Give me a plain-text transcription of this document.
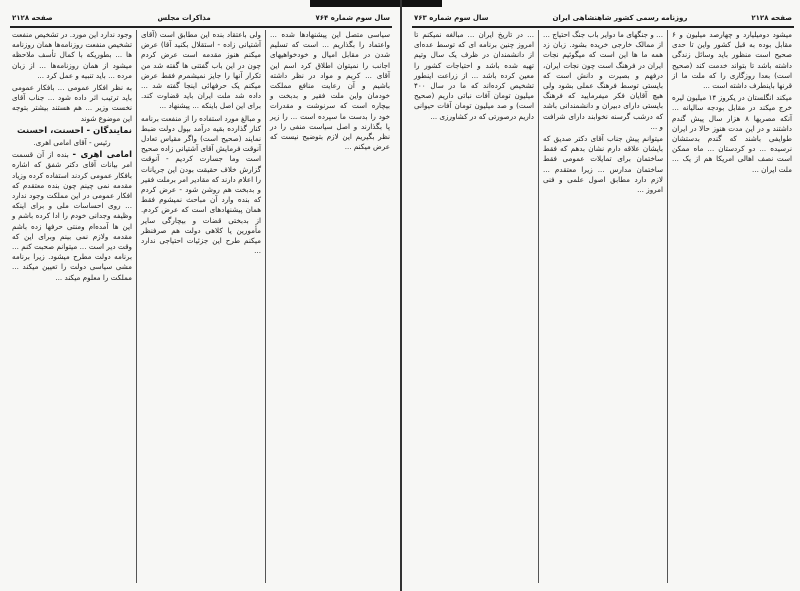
سال سوم شماره ۷۶۴
مذاکرات مجلس
صفحه ۲۱۲۸

سیاسی متصل این پیشنهادها شده ... واعتماد را بگذاریم ... است که تسلیم شدن در مقابل امیال و خودخواهیهای اجانب را نمیتوان اطلاق کرد اسم این آقای ... کریم و مواد در نظر داشته باشیم و آن رعایت منافع مملکت خودمان واین ملت فقیر و بدبخت و بیچاره است که سرنوشت و مقدرات خود را بدست ما سپرده است ... را زیر پا بگذارند و اصل سیاست منفی را در نظر بگیریم این لازم بتوضیح نیست که عرض میکنم ...

ولی باعتقاد بنده این مطابق است (آقای آشتیانی زاده - استقلال بکنید آقا) عرض میکنم هنوز مقدمه است عرض کردم چون در این باب گفتنی ها گفته شد من تکرار آنها را جایز نمیشمرم فقط عرض میکنم یک حرفهائی اینجا گفته شد ... داده شد ملت ایران باید قضاوت کند. برای این اصل باینکه ... پیشنهاد ...

و مبالغ مورد استفاده را از منفعت برنامه کنار گذارده بقیه درآمد بپول دولت ضبط نمایند (صحیح است) واگر مقیاس تعادل آنوقت فرمایش آقای آشتیانی زاده صحیح است وما جسارت کردیم - آنوقت گزارش خلاف حقیقت بودن این جریانات را اعلام دارند که مقادیر امر برملت فقیر و بدبخت هم روشن شود - عرض کردم که بنده وارد آن مباحث نمیشوم فقط همان پیشنهادهای است که عرض کردم. از بدبختی قضات و بیچارگی سایر مأمورین یا کلاهی دولت هم صرفنظر میکنم طرح این جزئیات احتیاجی ندارد ...

وجود ندارد این مورد. در تشخیص منفعت تشخیص منفعت روزنامه‌ها همان روزنامه ها ... بطوریکه با کمال تأسف ملاحظه میشود از همان روزنامه‌ها ... از زبان مرده ... باید تنبیه و عمل کرد ...

به نظر افکار عمومی ... بافکار عمومی باید ترتیب اثر داده شود ... جناب آقای نخست وزیر ... هم هستند بیشتر بتوجه این موضوع شوند

نمایندگان - احسنت، احسنت

رئیس - آقای امامی اهری.

امامی اهری - بنده از آن قسمت امر بیانات آقای دکتر شفق که اشاره بافکار عمومی کردند استفاده کرده وزیاد مقدمه نمی چینم چون بنده معتقدم که افکار عمومی در این مملکت وجود ندارد ... روی احساسات ملی و برای اینکه وظیفه وجدانی خودم را ادا کرده باشم و این ها آمده‌ام ومنتی حرفها زده باشم مقدمه ولازم نمی بینم وبرای این که وقت دیر است ... میتوانم صحبت کنم ... برنامه دولت مطرح میشود. زیرا برنامه مشی سیاسی دولت را تعیین میکند ... مملکت را معلوم میکند ...

صفحه ۲۱۲۸
روزنامه رسمی کشور شاهنشاهی ایران
سال سوم شماره ۷۶۳

میشود دومیلیارد و چهارصد میلیون و ۶ مقابل بوده به قبل کشور واین تا حدی صحیح است منظور باید وسائل زندگی داشته باشد تا بتواند خدمت کند (صحیح است) بعدا روزگاری را که ملت ما از قرنها باینطرف داشته است ...

میکند انگلستان در یکروز ۱۴ میلیون لیره خرج میکند در مقابل بودجه سالیانه ... آنکه مصریها ۸ هزار سال پیش گندم داشتند و در این مدت هنوز حالا در ایران طوایفی باشند که گندم بدستشان نرسیده ... دو کردستان ... ماه ممکن است نصف اهالی امریکا هم از یک ... ملت ایران ...

... و جنگهای ما دوایر باب جنگ احتیاج ... از ممالک خارجی خریده بشود. زبان زد همه ما ها این است که میگوئیم نجات ایران در فرهنگ است چون نجات ایران، درفهم و بصیرت و دانش است که بایستی توسط فرهنگ عملی بشود ولی هیچ آقایان فکر میفرمایید که فرهنگ بایستی دارای دبیران و دانشمندانی باشد که درشب گرسنه نخوابند دارای شرافت و ...

میتوانم پیش جناب آقای دکتر صدیق که بایشان علاقه دارم نشان بدهم که فقط ساختمان برای تمایلات عمومی فقط ساختمان مدارس ... زیرا معتقدم ... لازم دارد مطابق اصول علمی و فنی امروز ...

... در تاریخ ایران ... مبالغه نمیکنم تا امروز چنین برنامه ای که توسط عده‌ای از دانشمندان در ظرف یک سال وتیم تهیه شده باشد و احتیاجات کشور را معین کرده باشد ... از زراعت اینطور تشخیص کرده‌اند که ما در سال ۴۰۰ میلیون تومان آفات نباتی داریم (صحیح است) و صد میلیون تومان آفات حیوانی داریم درصورتی که در کشاورزی ...
